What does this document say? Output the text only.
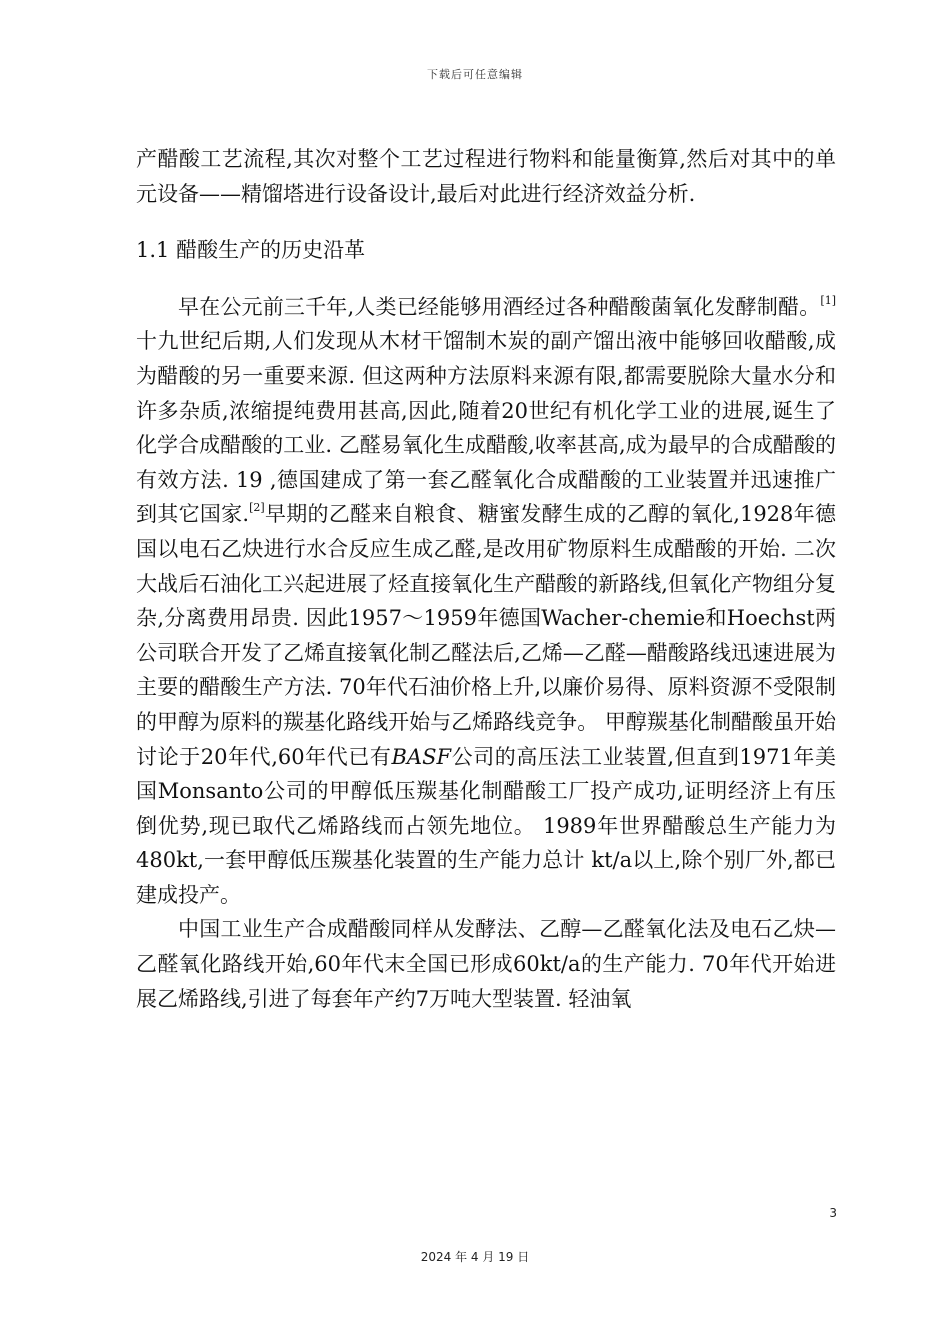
下载后可任意编辑

产醋酸工艺流程,其次对整个工艺过程进行物料和能量衡算,然后对其中的单元设备——精馏塔进行设备设计,最后对此进行经济效益分析.

1.1 醋酸生产的历史沿革

早在公元前三千年,人类已经能够用酒经过各种醋酸菌氧化发酵制醋。[1] 十九世纪后期,人们发现从木材干馏制木炭的副产馏出液中能够回收醋酸,成为醋酸的另一重要来源. 但这两种方法原料来源有限,都需要脱除大量水分和许多杂质,浓缩提纯费用甚高,因此,随着20世纪有机化学工业的进展,诞生了化学合成醋酸的工业. 乙醛易氧化生成醋酸,收率甚高,成为最早的合成醋酸的有效方法. 19 ,德国建成了第一套乙醛氧化合成醋酸的工业装置并迅速推广到其它国家.[2]早期的乙醛来自粮食、糖蜜发酵生成的乙醇的氧化,1928年德国以电石乙炔进行水合反应生成乙醛,是改用矿物原料生成醋酸的开始. 二次大战后石油化工兴起进展了烃直接氧化生产醋酸的新路线,但氧化产物组分复杂,分离费用昂贵. 因此1957～1959年德国Wacher-chemie和Hoechst两公司联合开发了乙烯直接氧化制乙醛法后,乙烯—乙醛—醋酸路线迅速进展为主要的醋酸生产方法. 70年代石油价格上升,以廉价易得、原料资源不受限制的甲醇为原料的羰基化路线开始与乙烯路线竞争。 甲醇羰基化制醋酸虽开始讨论于20年代,60年代已有BASF公司的高压法工业装置,但直到1971年美国Monsanto公司的甲醇低压羰基化制醋酸工厂投产成功,证明经济上有压倒优势,现已取代乙烯路线而占领先地位。 1989年世界醋酸总生产能力为480kt,一套甲醇低压羰基化装置的生产能力总计 kt/a以上,除个别厂外,都已建成投产。

中国工业生产合成醋酸同样从发酵法、乙醇—乙醛氧化法及电石乙炔—乙醛氧化路线开始,60年代末全国已形成60kt/a的生产能力. 70年代开始进展乙烯路线,引进了每套年产约7万吨大型装置. 轻油氧

3
2024 年 4 月 19 日
